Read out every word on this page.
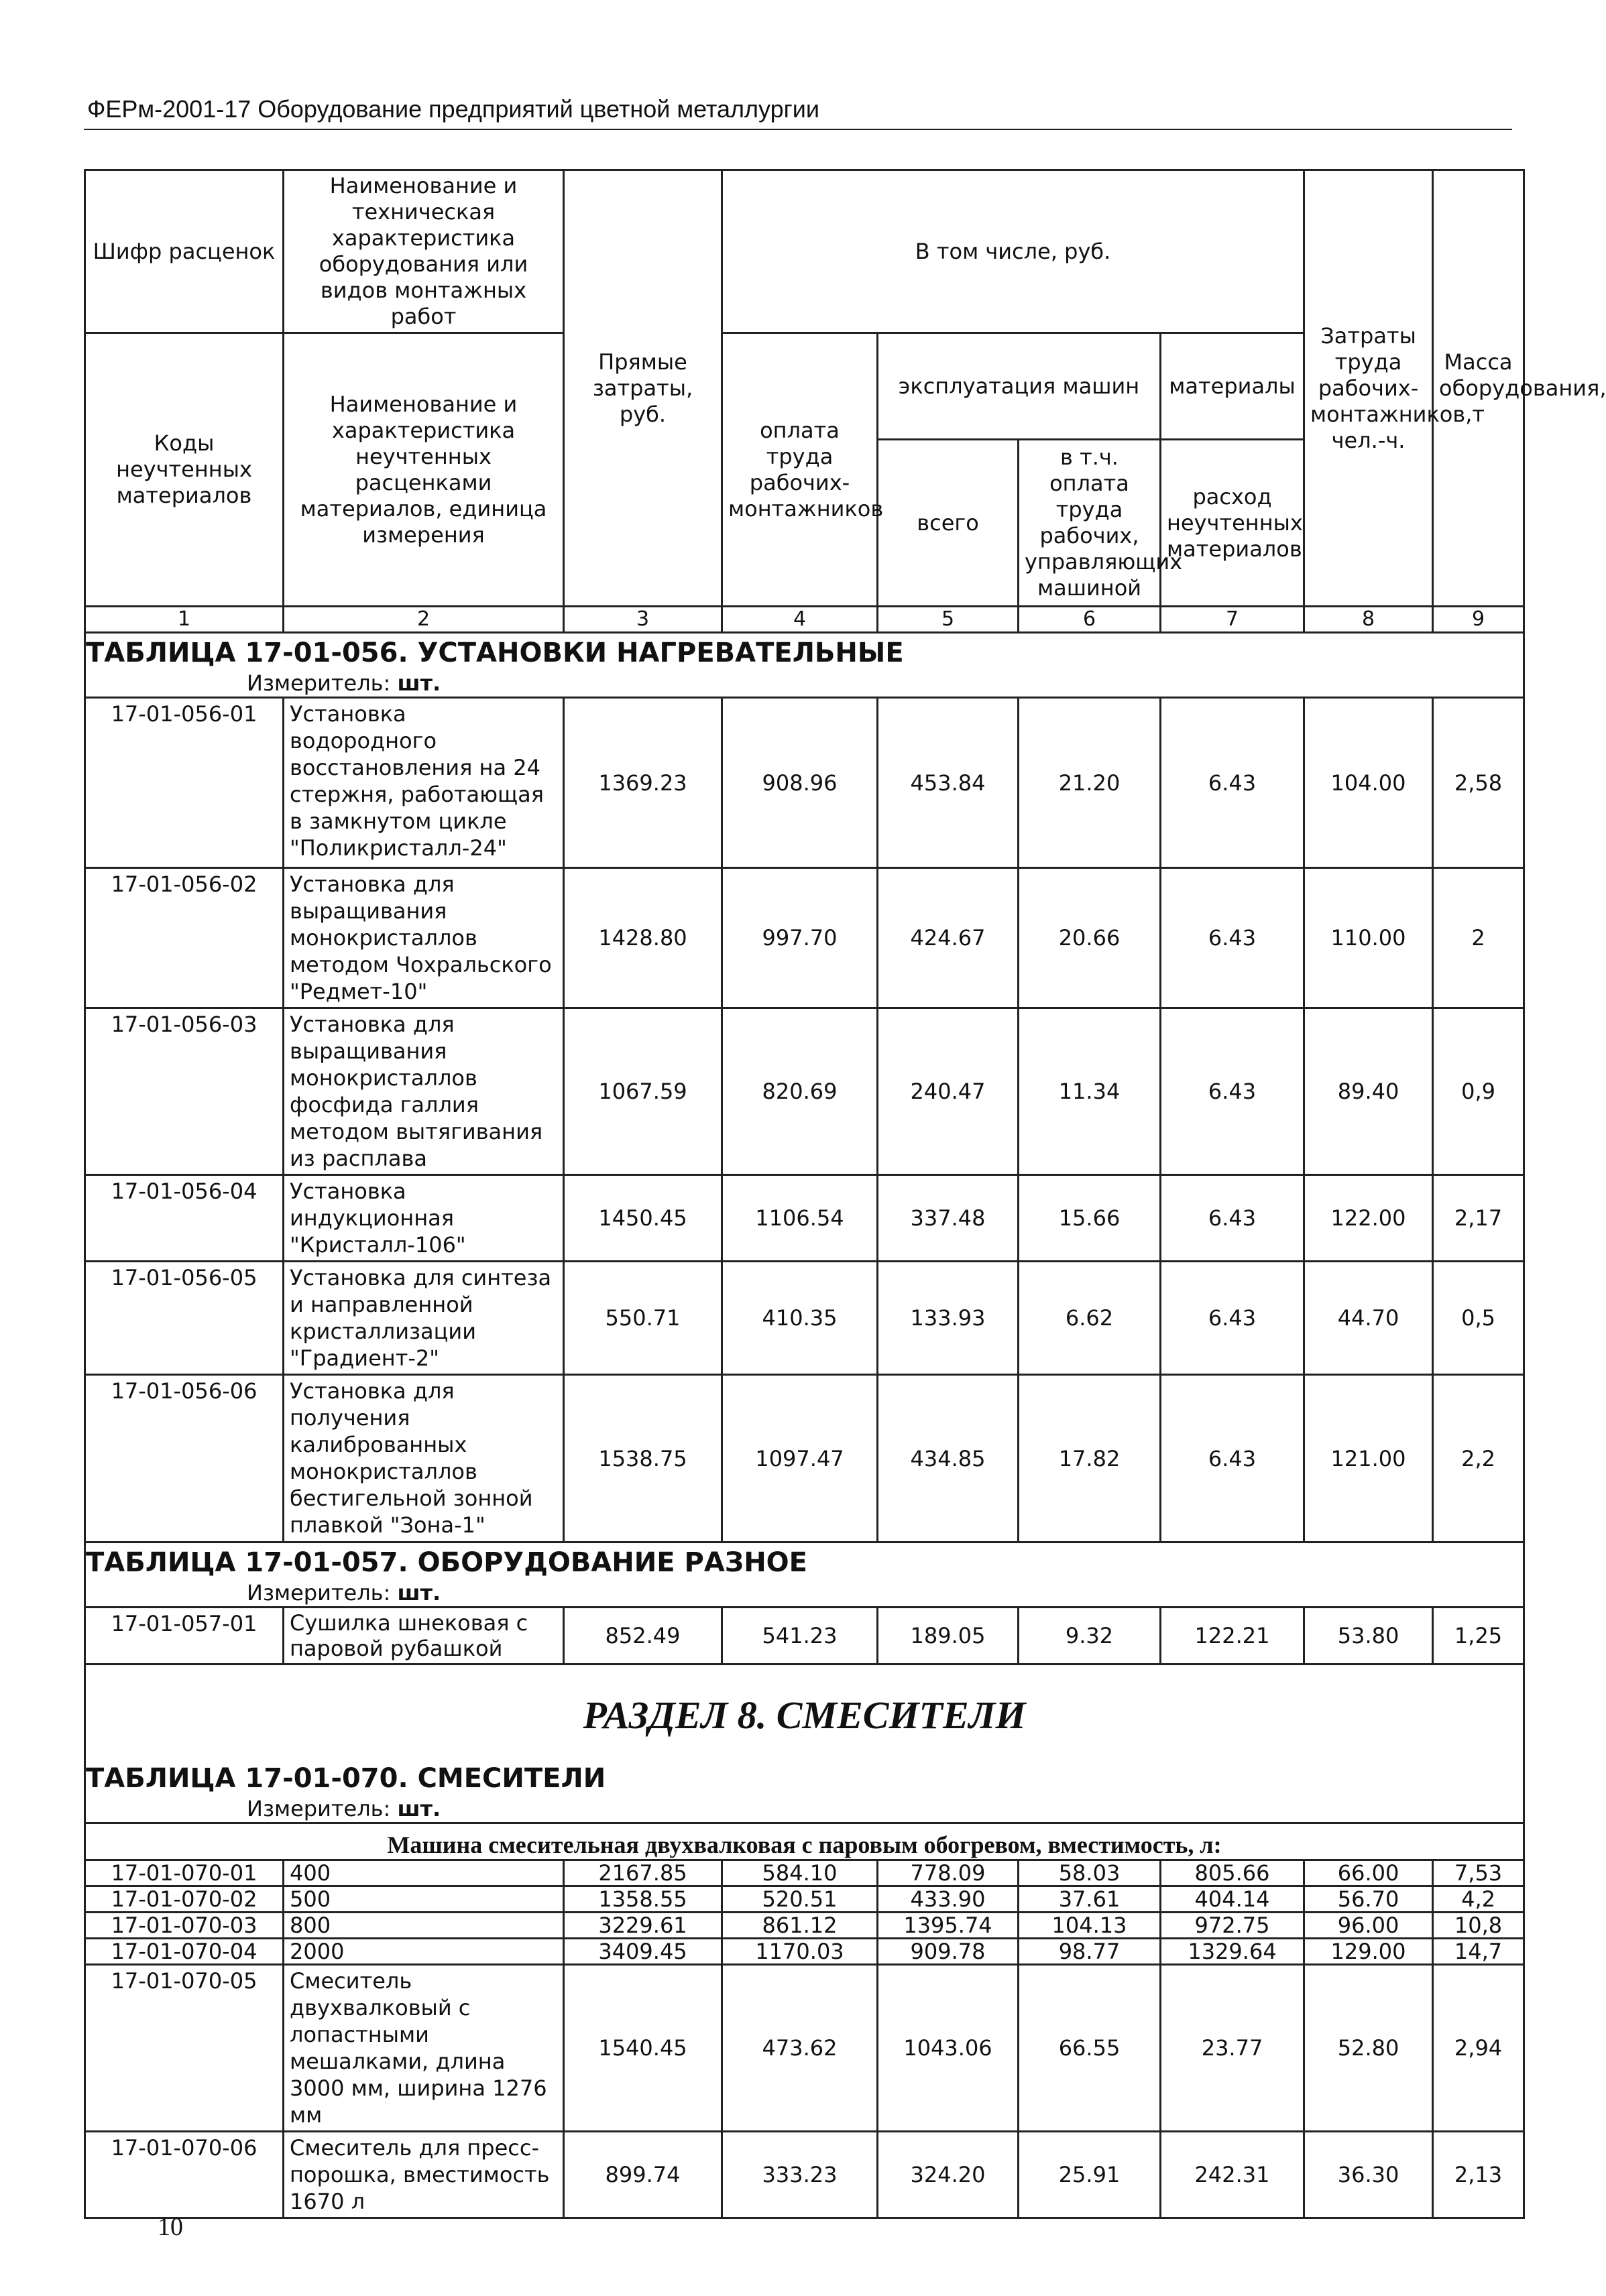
ФЕРм-2001-17 Оборудование предприятий цветной металлургии
Шифр расценок	Наименование и техническая характеристика оборудования или видов монтажных работ	Прямые затраты, руб.	В том числе, руб.				Затраты труда рабочих-монтажников, чел.-ч.	Масса оборудования, т
Коды неучтенных материалов	Наименование и характеристика неучтенных расценками материалов, единица измерения		оплата труда рабочих-монтажников	эксплуатация машин		материалы		
				всего	в т.ч. оплата труда рабочих, управляющих машиной	расход неучтенных материалов		
1	2	3	4	5	6	7	8	9
ТАБЛИЦА 17-01-056. УСТАНОВКИ НАГРЕВАТЕЛЬНЫЕ								
Измеритель: шт.								
17-01-056-01	Установка водородного восстановления на 24 стержня, работающая в замкнутом цикле "Поликристалл-24"	1369.23	908.96	453.84	21.20	6.43	104.00	2,58
17-01-056-02	Установка для выращивания монокристаллов методом Чохральского "Редмет-10"	1428.80	997.70	424.67	20.66	6.43	110.00	2
17-01-056-03	Установка для выращивания монокристаллов фосфида галлия методом вытягивания из расплава	1067.59	820.69	240.47	11.34	6.43	89.40	0,9
17-01-056-04	Установка индукционная "Кристалл-106"	1450.45	1106.54	337.48	15.66	6.43	122.00	2,17
17-01-056-05	Установка для синтеза и направленной кристаллизации "Градиент-2"	550.71	410.35	133.93	6.62	6.43	44.70	0,5
17-01-056-06	Установка для получения калиброванных монокристаллов бестигельной зонной плавкой "Зона-1"	1538.75	1097.47	434.85	17.82	6.43	121.00	2,2
ТАБЛИЦА 17-01-057. ОБОРУДОВАНИЕ РАЗНОЕ								
Измеритель: шт.								
17-01-057-01	Сушилка шнековая с паровой рубашкой	852.49	541.23	189.05	9.32	122.21	53.80	1,25
РАЗДЕЛ 8. СМЕСИТЕЛИ								
ТАБЛИЦА 17-01-070. СМЕСИТЕЛИ								
Измеритель: шт.								
Машина смесительная двухвалковая с паровым обогревом, вместимость, л:								
17-01-070-01	400	2167.85	584.10	778.09	58.03	805.66	66.00	7,53
17-01-070-02	500	1358.55	520.51	433.90	37.61	404.14	56.70	4,2
17-01-070-03	800	3229.61	861.12	1395.74	104.13	972.75	96.00	10,8
17-01-070-04	2000	3409.45	1170.03	909.78	98.77	1329.64	129.00	14,7
17-01-070-05	Смеситель двухвалковый с лопастными мешалками, длина 3000 мм, ширина 1276 мм	1540.45	473.62	1043.06	66.55	23.77	52.80	2,94
17-01-070-06	Смеситель для пресс-порошка, вместимость 1670 л	899.74	333.23	324.20	25.91	242.31	36.30	2,13
10
